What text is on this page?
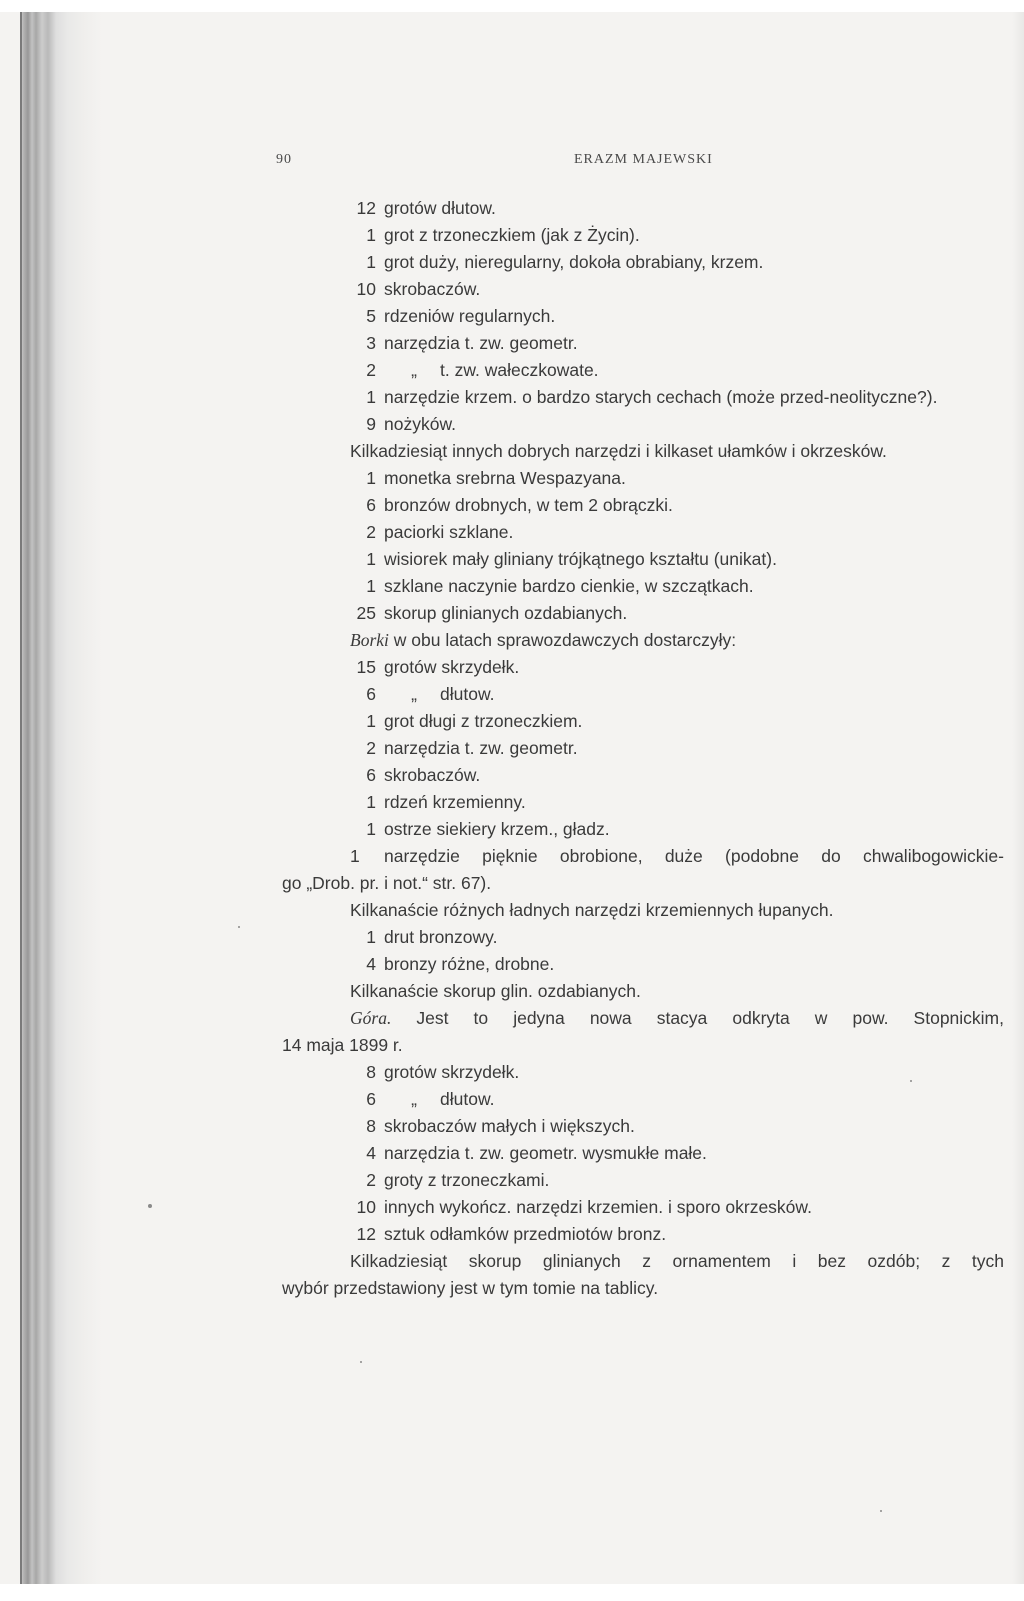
90	ERAZM MAJEWSKI
12 grotów dłutow.
1 grot z trzoneczkiem (jak z Życin).
1 grot duży, nieregularny, dokoła obrabiany, krzem.
10 skrobaczów.
5 rdzeniów regularnych.
3 narzędzia t. zw. geometr.
2 „ t. zw. wałeczkowate.
1 narzędzie krzem. o bardzo starych cechach (może przed-neolityczne?).
9 nożyków.
Kilkadziesiąt innych dobrych narzędzi i kilkaset ułamków i okrzesków.
1 monetka srebrna Wespazyana.
6 bronzów drobnych, w tem 2 obrączki.
2 paciorki szklane.
1 wisiorek mały gliniany trójkątnego kształtu (unikat).
1 szklane naczynie bardzo cienkie, w szczątkach.
25 skorup glinianych ozdabianych.
Borki w obu latach sprawozdawczych dostarczyły:
15 grotów skrzydełk.
6 „ dłutow.
1 grot długi z trzoneczkiem.
2 narzędzia t. zw. geometr.
6 skrobaczów.
1 rdzeń krzemienny.
1 ostrze siekiery krzem., gładz.
1 narzędzie pięknie obrobione, duże (podobne do chwalibogowickie-
go „Drob. pr. i not.“ str. 67).
Kilkanaście różnych ładnych narzędzi krzemiennych łupanych.
1 drut bronzowy.
4 bronzy różne, drobne.
Kilkanaście skorup glin. ozdabianych.
Góra. Jest to jedyna nowa stacya odkryta w pow. Stopnickim,
14 maja 1899 r.
8 grotów skrzydełk.
6 „ dłutow.
8 skrobaczów małych i większych.
4 narzędzia t. zw. geometr. wysmukłe małe.
2 groty z trzoneczkami.
10 innych wykończ. narzędzi krzemien. i sporo okrzesków.
12 sztuk odłamków przedmiotów bronz.
Kilkadziesiąt skorup glinianych z ornamentem i bez ozdób; z tych
wybór przedstawiony jest w tym tomie na tablicy.
